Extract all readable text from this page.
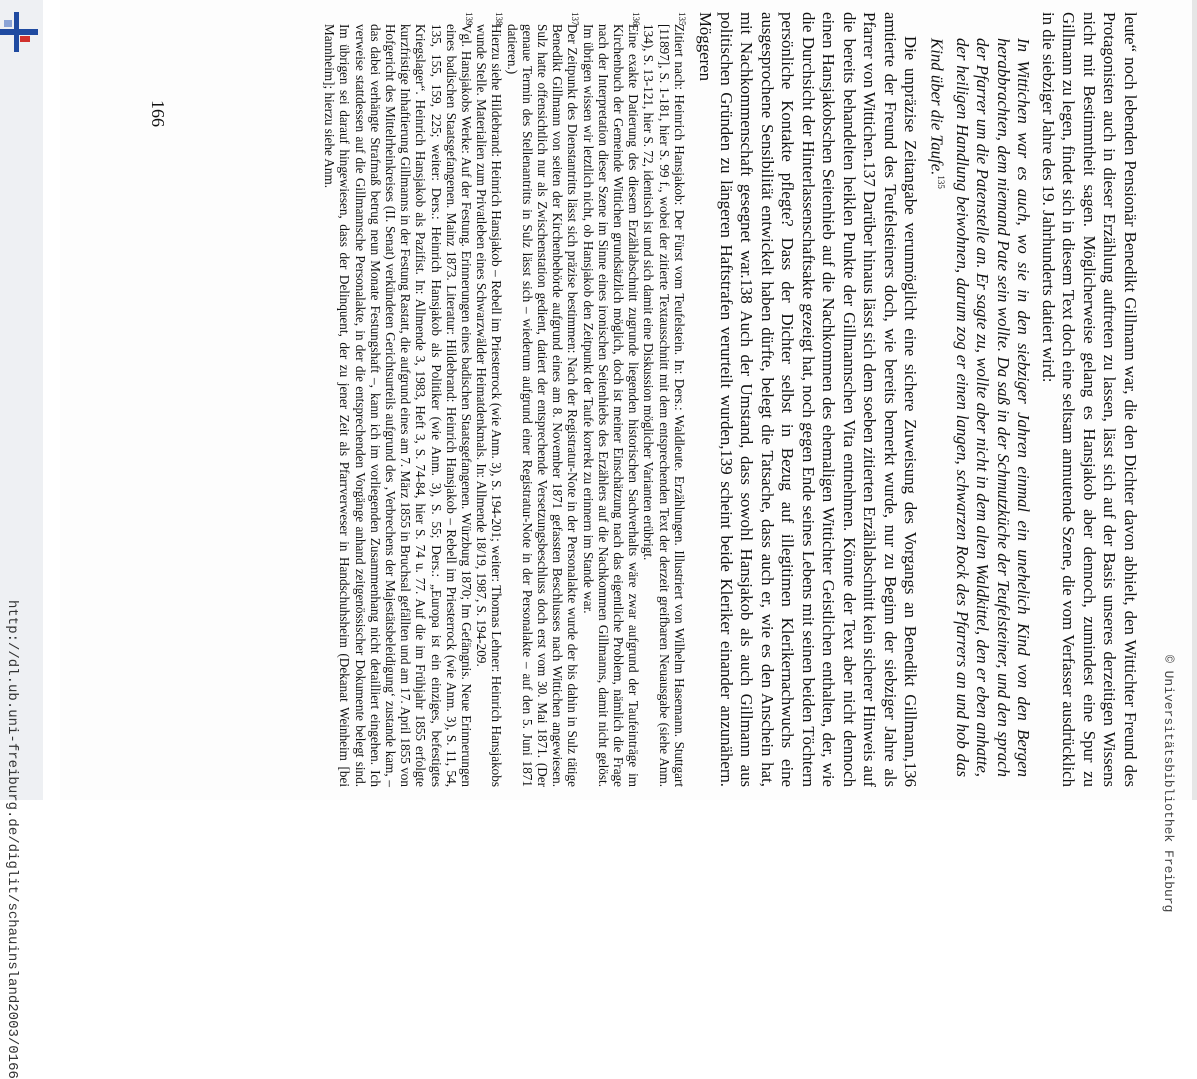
http://dl.ub.uni-freiburg.de/diglit/schauinsland2003/0166

leute“ noch lebenden Pensionär Benedikt Gillmann war, die den Dichter davon abhielt, den Wittichter Freund des Protagonisten auch in dieser Erzählung auftreten zu lassen, lässt sich auf der Basis unseres derzeitigen Wissens nicht mit Bestimmtheit sagen. Möglicherweise gelang es Hansjakob aber dennoch, zumindest eine Spur zu Gillmann zu legen, findet sich in diesem Text doch eine seltsam anmutende Szene, die vom Verfasser ausdrücklich in die siebziger Jahre des 19. Jahrhunderts datiert wird:

In Wittichen war es auch, wo sie in den siebziger Jahren einmal ein unehelich Kind von den Bergen herabbrachten, dem niemand Pate sein wollte. Da saß in der Schmutzküche der Teufelsteiner, und den sprach der Pfarrer um die Patenstelle an. Er sagte zu, wollte aber nicht in dem alten Waldkittel, den er eben anhatte, der heiligen Handlung beiwohnen, darum zog er einen langen, schwarzen Rock des Pfarrers an und hob das Kind über die Taufe.$^{135}$

Die unpräzise Zeitangabe verunmöglicht eine sichere Zuweisung des Vorgangs an Benedikt Gillmann,136 amtierte der Freund des Teufelsteiners doch, wie bereits bemerkt wurde, nur zu Beginn der siebziger Jahre als Pfarrer von Wittichen.137 Darüber hinaus lässt sich dem soeben zitierten Erzählabschnitt kein sicherer Hinweis auf die bereits behandelten heiklen Punkte der Gillmannschen Vita entnehmen. Könnte der Text aber nicht dennoch einen Hansjakobschen Seitenhieb auf die Nachkommen des ehemaligen Wittichter Geistlichen enthalten, der, wie die Durchsicht der Hinterlassenschaftsakte gezeigt hat, noch gegen Ende seines Lebens mit seinen beiden Töchtern persönliche Kontakte pflegte? Dass der Dichter selbst in Bezug auf illegitimen Klerikernachwuchs eine ausgesprochene Sensibilität entwickelt haben dürfte, belegt die Tatsache, dass auch er, wie es den Anschein hat, mit Nachkommenschaft gesegnet war.138 Auch der Umstand, dass sowohl Hansjakob als auch Gillmann aus politischen Gründen zu längeren Haftstrafen verurteilt wurden,139 scheint beide Kleriker einander anzunähern. Möggeren

135
Zitiert nach: Heinrich Hansjakob: Der Fürst vom Teufelstein. In: Ders.: Waldleute. Erzählungen. Illustriert von Wilhelm Hasemann. Stuttgart [11897], S. 1-181, hier S. 99 f., wobei der zitierte Textausschnitt mit dem entsprechenden Text der derzeit greifbaren Neuausgabe (siehe Anm. 134), S. 13-121, hier S. 72, identisch ist und sich damit eine Diskussion möglicher Varianten erübrigt.

136
Eine exakte Datierung des diesem Erzählabschnitt zugrunde liegenden historischen Sachverhalts wäre zwar aufgrund der Taufeinträge im Kirchenbuch der Gemeinde Wittichen grundsätzlich möglich, doch ist meiner Einschätzung nach das eigentliche Problem, nämlich die Frage nach der Interpretation dieser Szene im Sinne eines ironischen Seitenhiebs des Erzählers auf die Nachkommen Gillmanns, damit nicht gelöst. Im übrigen wissen wir letztlich nicht, ob Hansjakob den Zeitpunkt der Taufe korrekt zu erinnern im Stande war.

137
Der Zeitpunkt des Dienstantritts lässt sich präzise bestimmen: Nach der Registratur-Note in der Personalakte wurde der bis dahin in Sulz tätige Benedikt Gillmann von seiten der Kirchenbehörde aufgrund eines am 8. November 1871 gefassten Beschlusses nach Wittichen angewiesen. Sulz hatte offensichtlich nur als Zwischenstation gedient, datiert der entsprechende Versetzungsbeschluss doch erst vom 30. Mai 1871. (Der genaue Termin des Stellenantritts in Sulz lässt sich – wiederum aufgrund einer Registratur-Note in der Personalakte – auf den 5. Juni 1871 datieren.)

138
Hierzu siehe Hildebrand: Heinrich Hansjakob – Rebell im Priesterrock (wie Anm. 3), S. 194-201; weiter: Thomas Lehner: Heinrich Hansjakobs wunde Stelle. Materialien zum Privatleben eines Schwarzwälder Heimatdenkmals. In: Allmende 18/19, 1987, S. 194-209.

139
Vgl. Hansjakobs Werke: Auf der Festung. Erinnerungen eines badischen Staatsgefangenen. Würzburg 1870; Im Gefängnis. Neue Erinnerungen eines badischen Staatsgefangenen. Mainz 1873. Literatur: Hildebrand: Heinrich Hansjakob – Rebell im Priesterrock (wie Anm. 3), S. 11, 54, 135, 155, 159, 225; weiter: Ders.: Heinrich Hansjakob als Politiker (wie Anm. 3), S. 55; Ders.: „Europa ist ein einziges, befestigtes Kriegslager“. Heinrich Hansjakob als Pazifist. In: Allmende 3, 1983, Heft 3, S. 74-84, hier S. 74 u. 77. Auf die im Frühjahr 1855 erfolgte kurzfristige Inhaftierung Gillmanns in der Festung Rastatt, die aufgrund eines am 7. März 1855 in Bruchsal gefällten und am 17. April 1855 von Hofgericht des Mittelrheinkreises (II. Senat) verkündeten Gerichtsurteils aufgrund des ‚Verbrechens der Majestätsbeleidigung‘ zustande kam, – das dabei verhängte Strafmaß betrug neun Monate Festungshaft –, kann ich im vorliegenden Zusammenhang nicht detailliert eingehen. Ich verweise stattdessen auf die Gillmannsche Personalakte, in der die entsprechenden Vorgänge anhand zeitgenössischer Dokumente belegt sind. Im übrigen sei darauf hingewiesen, dass der Delinquent, der zu jener Zeit als Pfarrverweser in Handschuhsheim (Dekanat Weinheim [bei Mannheim]; hierzu siehe Anm.

166
© Universitätsbibliothek Freiburg
